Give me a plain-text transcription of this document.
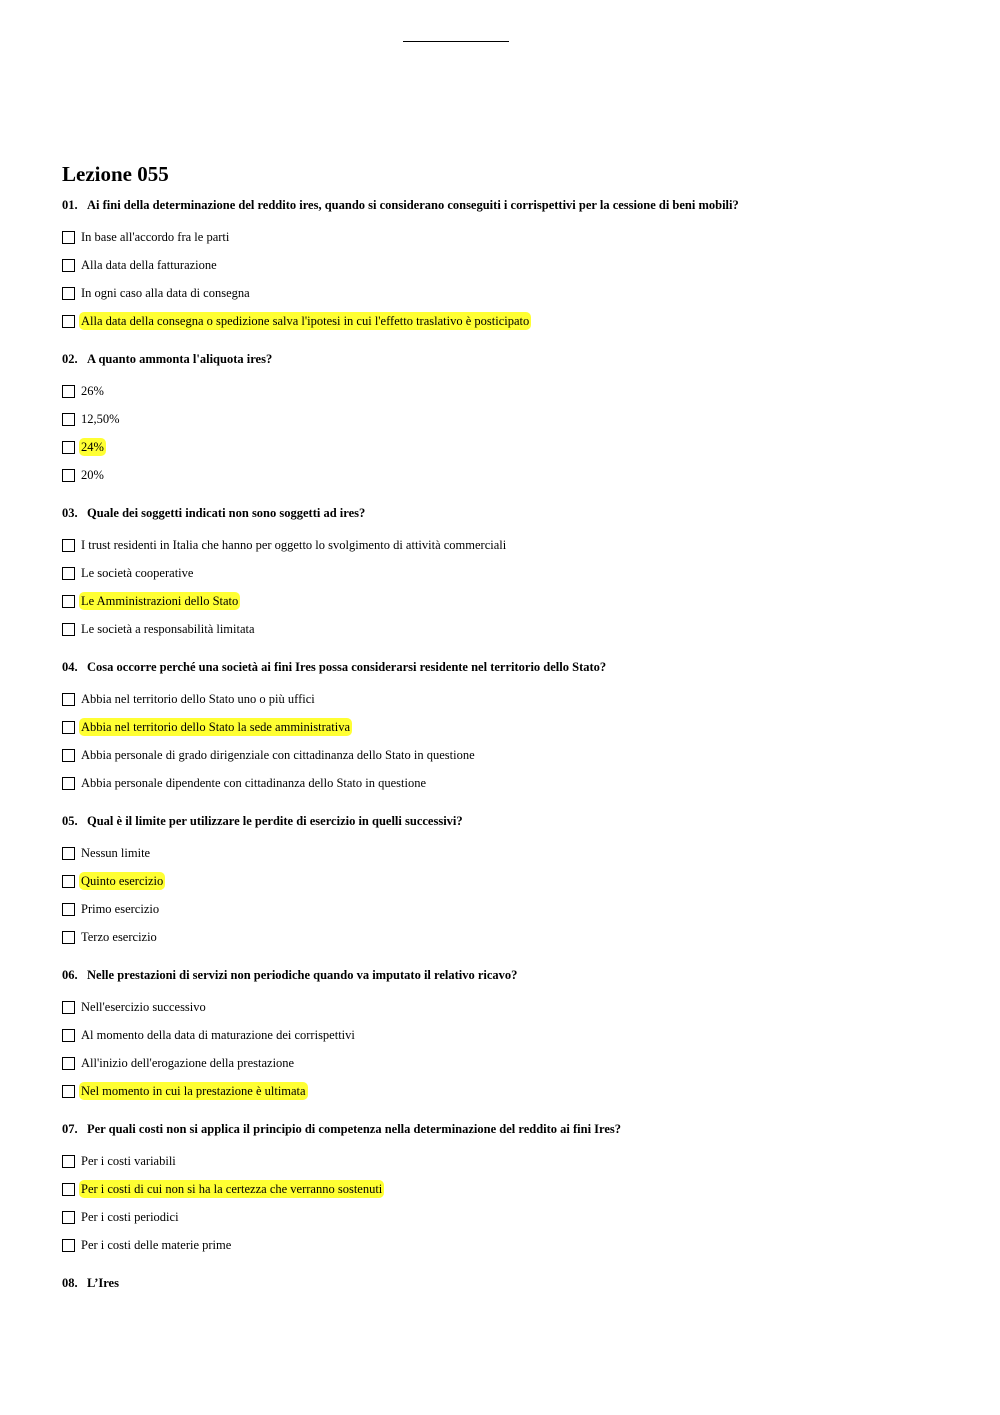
Lezione 055

01. Ai fini della determinazione del reddito ires, quando si considerano conseguiti i corrispettivi per la cessione di beni mobili?

In base all'accordo fra le parti
Alla data della fatturazione
In ogni caso alla data di consegna
Alla data della consegna o spedizione salva l'ipotesi in cui l'effetto traslativo è posticipato

02. A quanto ammonta l'aliquota ires?

26%
12,50%
24%
20%

03. Quale dei soggetti indicati non sono soggetti ad ires?

I trust residenti in Italia che hanno per oggetto lo svolgimento di attività commerciali
Le società cooperative
Le Amministrazioni dello Stato
Le società a responsabilità limitata

04. Cosa occorre perché una società ai fini Ires possa considerarsi residente nel territorio dello Stato?

Abbia nel territorio dello Stato uno o più uffici
Abbia nel territorio dello Stato la sede amministrativa
Abbia personale di grado dirigenziale con cittadinanza dello Stato in questione
Abbia personale dipendente con cittadinanza dello Stato in questione

05. Qual è il limite per utilizzare le perdite di esercizio in quelli successivi?

Nessun limite
Quinto esercizio
Primo esercizio
Terzo esercizio

06. Nelle prestazioni di servizi non periodiche quando va imputato il relativo ricavo?

Nell'esercizio successivo
Al momento della data di maturazione dei corrispettivi
All'inizio dell'erogazione della prestazione
Nel momento in cui la prestazione è ultimata

07. Per quali costi non si applica il principio di competenza nella determinazione del reddito ai fini Ires?

Per i costi variabili
Per i costi di cui non si ha la certezza che verranno sostenuti
Per i costi periodici
Per i costi delle materie prime

08. L’Ires
